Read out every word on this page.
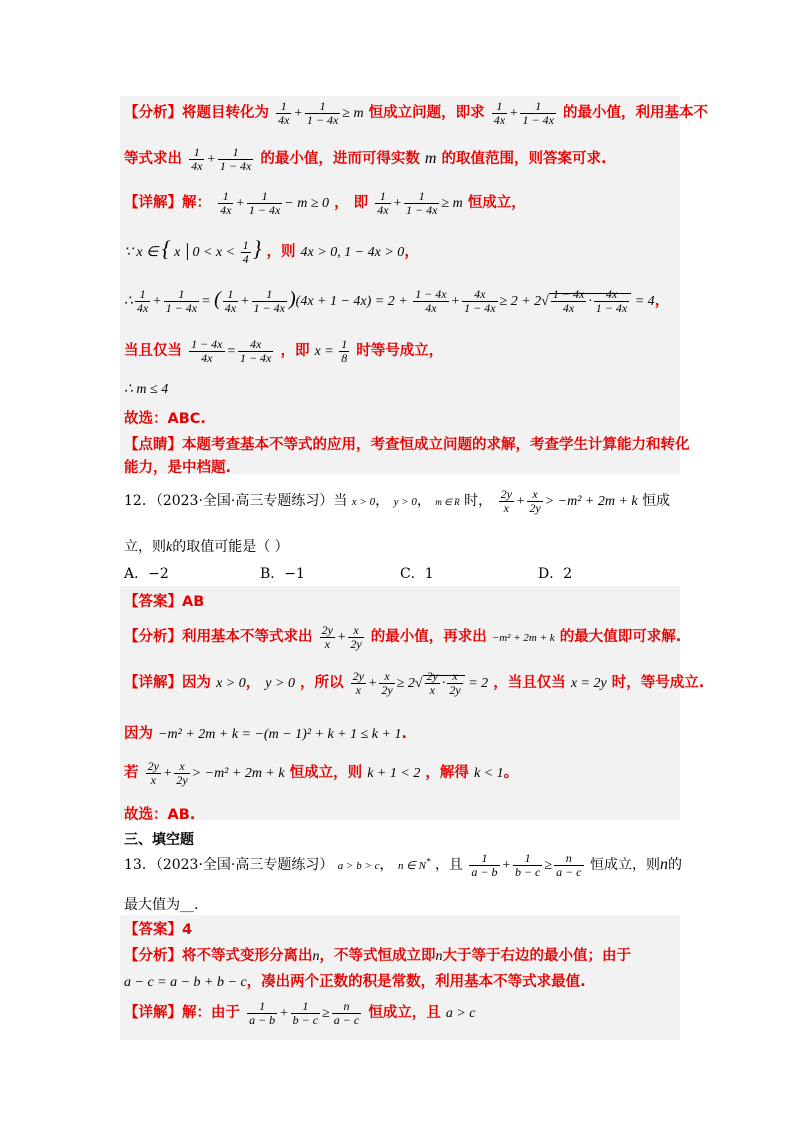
【分析】将题目转化为 $\frac{1}{4x} + \frac{1}{1 - 4x} \ge m$ 恒成立问题，即求 $\frac{1}{4x} + \frac{1}{1 - 4x}$ 的最小值，利用基本不
等式求出 $\frac{1}{4x} + \frac{1}{1 - 4x}$ 的最小值，进而可得实数 m 的取值范围，则答案可求.
【详解】解： $\frac{1}{4x} + \frac{1}{1 - 4x} - m \ge 0$ ， 即 $\frac{1}{4x} + \frac{1}{1 - 4x} \ge m$ 恒成立，
∵ x ∈ { x │0 < $x < \frac{1}{4}$ } ，则 4x > 0, 1 − 4x > 0，
∴ $\frac{1}{4x} + \frac{1}{1 - 4x}$ = ( $\frac{1}{4x} + \frac{1}{1 - 4x} )(4x + 1 - 4x) = 2 + \frac{1 - 4x}{4x} + \frac{4x}{1 - 4x} \ge 2 + 2√ \frac{1 - 4x}{4x} \cdot \frac{4x}{1 - 4x} = 4$，
当且仅当 $\frac{1 - 4x}{4x} = \frac{4x}{1 - 4x}$ ，即 $x = \frac{1}{8}$ 时等号成立，
∴ m ≤ 4
故选：ABC.
【点睛】本题考查基本不等式的应用，考查恒成立问题的求解，考查学生计算能力和转化
能力，是中档题.
12．（2023·全国·高三专题练习）当 x > 0， y > 0， m ∈ R 时， $\frac{2y}{x} + \frac{x}{2y} > -m^2 + 2m + k$ 恒成
立，则k的取值可能是（ ）
A．−2	B．−1	C．1	D．2
【答案】AB
【分析】利用基本不等式求出 $\frac{2y}{x} + \frac{x}{2y}$ 的最小值，再求出 −m² + 2m + k 的最大值即可求解.
【详解】因为 x > 0， y > 0 ，所以 $\frac{2y}{x} + \frac{x}{2y} \ge 2√ \frac{2y}{x} \cdot \frac{x}{2y} = 2$ ，当且仅当 x = 2y 时，等号成立.
因为 −m² + 2m + k = −(m − 1)² + k + 1 ≤ k + 1.
若 $\frac{2y}{x} + \frac{x}{2y} > -m^2 + 2m + k$ 恒成立，则 k + 1 < 2 ，解得 k < 1。
故选：AB.
三、填空题
13．（2023·全国·高三专题练习） a > b > c， n ∈ N* ，且 $\frac{1}{a - b} + \frac{1}{b - c} \ge \frac{n}{a - c}$ 恒成立，则n的
最大值为__.
【答案】4
【分析】将不等式变形分离出n，不等式恒成立即n大于等于右边的最小值；由于
a − c = a − b + b − c，凑出两个正数的积是常数，利用基本不等式求最值.
【详解】解：由于 $\frac{1}{a - b} + \frac{1}{b - c} \ge \frac{n}{a - c}$ 恒成立，且 a > c
